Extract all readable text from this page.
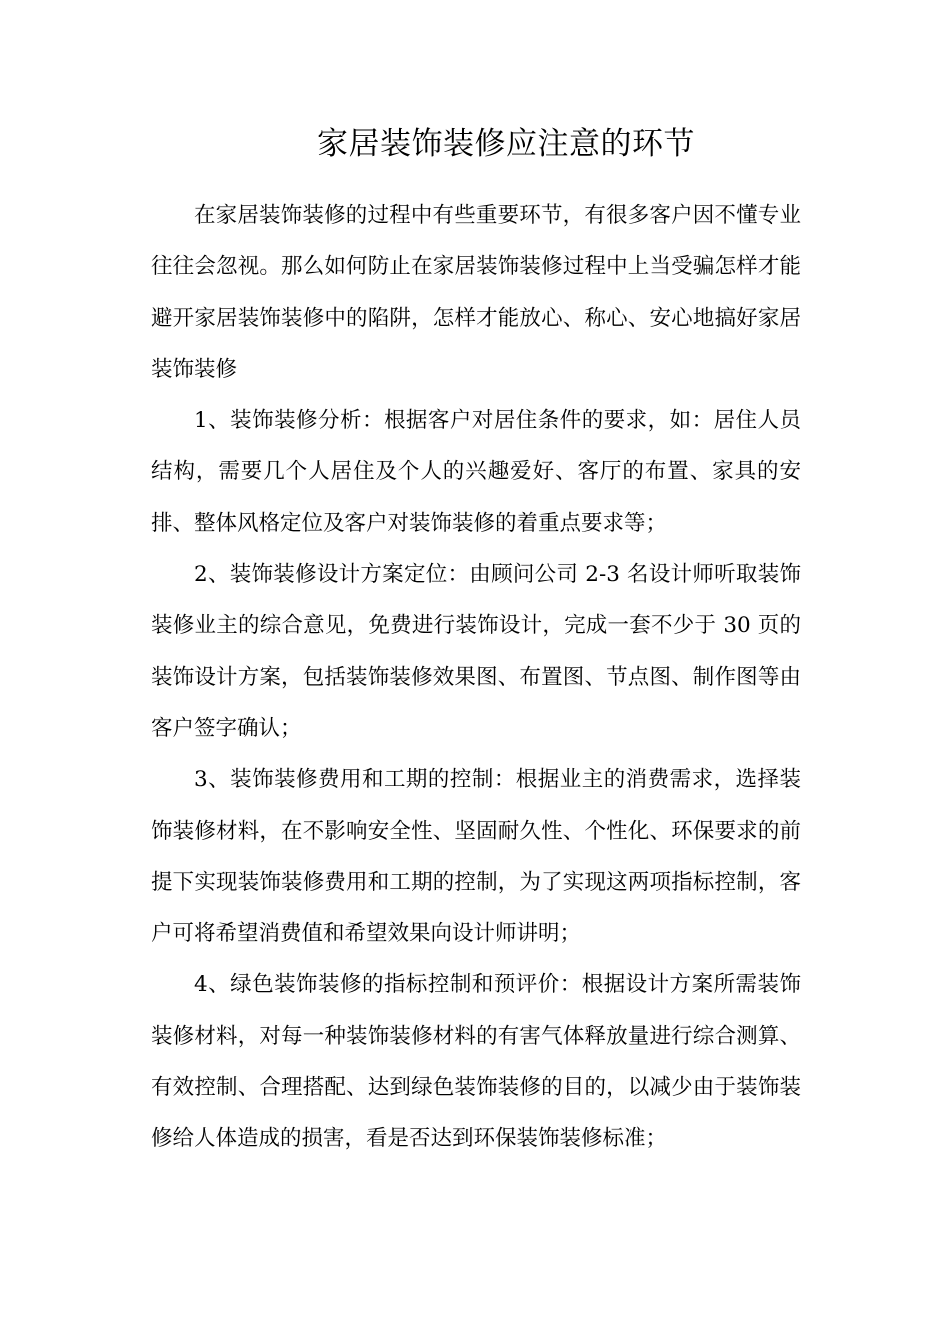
家居装饰装修应注意的环节

在家居装饰装修的过程中有些重要环节，有很多客户因不懂专业往往会忽视。那么如何防止在家居装饰装修过程中上当受骗怎样才能避开家居装饰装修中的陷阱，怎样才能放心、称心、安心地搞好家居装饰装修

1、装饰装修分析：根据客户对居住条件的要求，如：居住人员结构，需要几个人居住及个人的兴趣爱好、客厅的布置、家具的安排、整体风格定位及客户对装饰装修的着重点要求等；

2、装饰装修设计方案定位：由顾问公司 2-3 名设计师听取装饰装修业主的综合意见，免费进行装饰设计，完成一套不少于 30 页的装饰设计方案，包括装饰装修效果图、布置图、节点图、制作图等由客户签字确认；

3、装饰装修费用和工期的控制：根据业主的消费需求，选择装饰装修材料，在不影响安全性、坚固耐久性、个性化、环保要求的前提下实现装饰装修费用和工期的控制，为了实现这两项指标控制，客户可将希望消费值和希望效果向设计师讲明；

4、绿色装饰装修的指标控制和预评价：根据设计方案所需装饰装修材料，对每一种装饰装修材料的有害气体释放量进行综合测算、有效控制、合理搭配、达到绿色装饰装修的目的，以减少由于装饰装修给人体造成的损害，看是否达到环保装饰装修标准；
